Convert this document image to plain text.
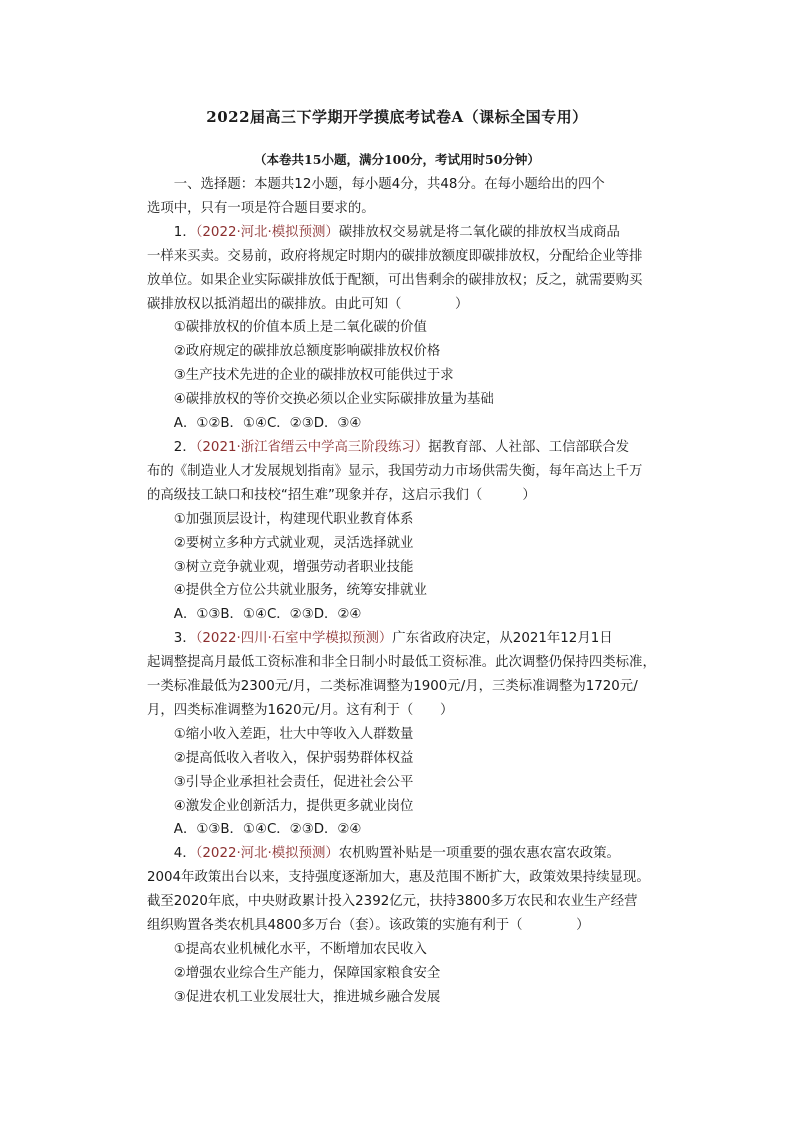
2022届高三下学期开学摸底考试卷A（课标全国专用）
（本卷共15小题，满分100分，考试用时50分钟）

一、选择题：本题共12小题，每小题4分，共48分。在每小题给出的四个

选项中，只有一项是符合题目要求的。

1．（2022·河北·模拟预测）碳排放权交易就是将二氧化碳的排放权当成商品

一样来买卖。交易前，政府将规定时期内的碳排放额度即碳排放权，分配给企业等排

放单位。如果企业实际碳排放低于配额，可出售剩余的碳排放权；反之，就需要购买

碳排放权以抵消超出的碳排放。由此可知（　　　　）

①碳排放权的价值本质上是二氧化碳的价值

②政府规定的碳排放总额度影响碳排放权价格

③生产技术先进的企业的碳排放权可能供过于求

④碳排放权的等价交换必须以企业实际碳排放量为基础

A．①②B．①④C．②③D．③④

2．（2021·浙江省缙云中学高三阶段练习）据教育部、人社部、工信部联合发

布的《制造业人才发展规划指南》显示，我国劳动力市场供需失衡，每年高达上千万

的高级技工缺口和技校“招生难”现象并存，这启示我们（　　　）

①加强顶层设计，构建现代职业教育体系

②要树立多种方式就业观，灵活选择就业

③树立竞争就业观，增强劳动者职业技能

④提供全方位公共就业服务，统筹安排就业

A．①③B．①④C．②③D．②④

3．（2022·四川·石室中学模拟预测）广东省政府决定，从2021年12月1日

起调整提高月最低工资标准和非全日制小时最低工资标准。此次调整仍保持四类标准，

一类标准最低为2300元/月，二类标准调整为1900元/月，三类标准调整为1720元/

月，四类标准调整为1620元/月。这有利于（　　）

①缩小收入差距，壮大中等收入人群数量

②提高低收入者收入，保护弱势群体权益

③引导企业承担社会责任，促进社会公平

④激发企业创新活力，提供更多就业岗位

A．①③B．①④C．②③D．②④

4．（2022·河北·模拟预测）农机购置补贴是一项重要的强农惠农富农政策。

2004年政策出台以来，支持强度逐渐加大，惠及范围不断扩大，政策效果持续显现。

截至2020年底，中央财政累计投入2392亿元，扶持3800多万农民和农业生产经营

组织购置各类农机具4800多万台（套）。该政策的实施有利于（　　　　）

①提高农业机械化水平，不断增加农民收入

②增强农业综合生产能力，保障国家粮食安全

③促进农机工业发展壮大，推进城乡融合发展
